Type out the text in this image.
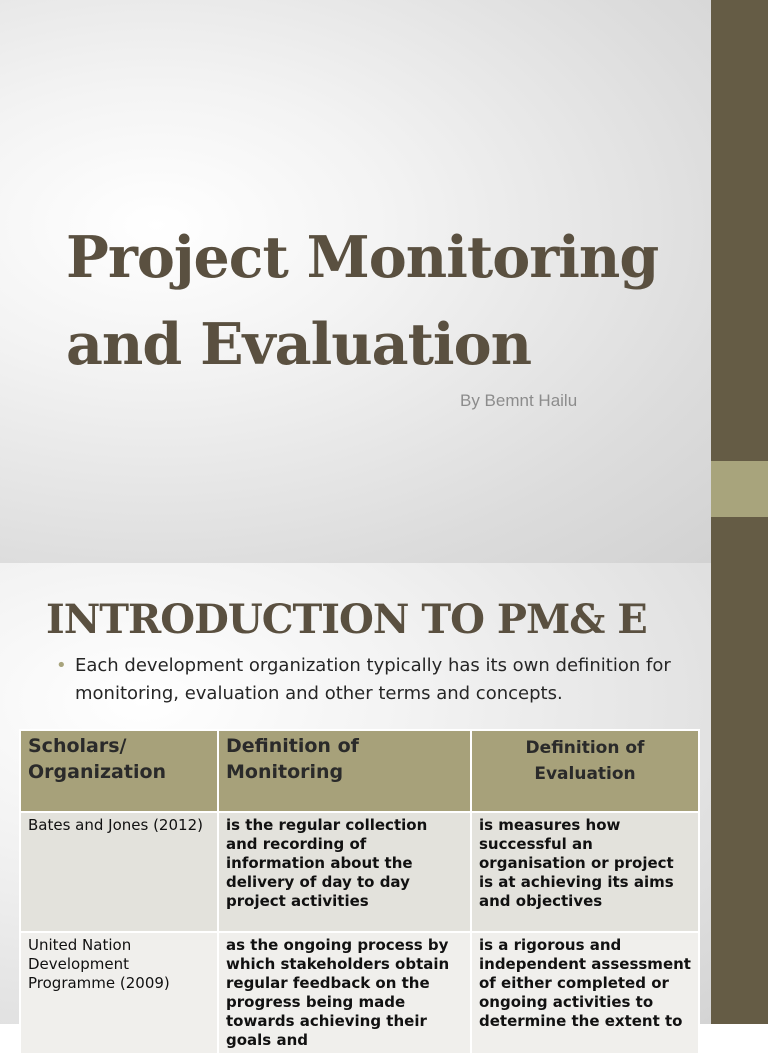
Project Monitoring
and Evaluation
By Bemnt Hailu
INTRODUCTION TO PM& E
• Each development organization typically has its own definition for monitoring, evaluation and other terms and concepts.
Scholars/ Organization	Definition of Monitoring	Definition of Evaluation
Bates and Jones (2012)	is the regular collection and recording of information about the delivery of day to day project activities	is measures how successful an organisation or project is at achieving its aims and objectives
United Nation Development Programme (2009)	as the ongoing process by which stakeholders obtain regular feedback on the progress being made towards achieving their goals and	is a rigorous and independent assessment of either completed or ongoing activities to determine the extent to
